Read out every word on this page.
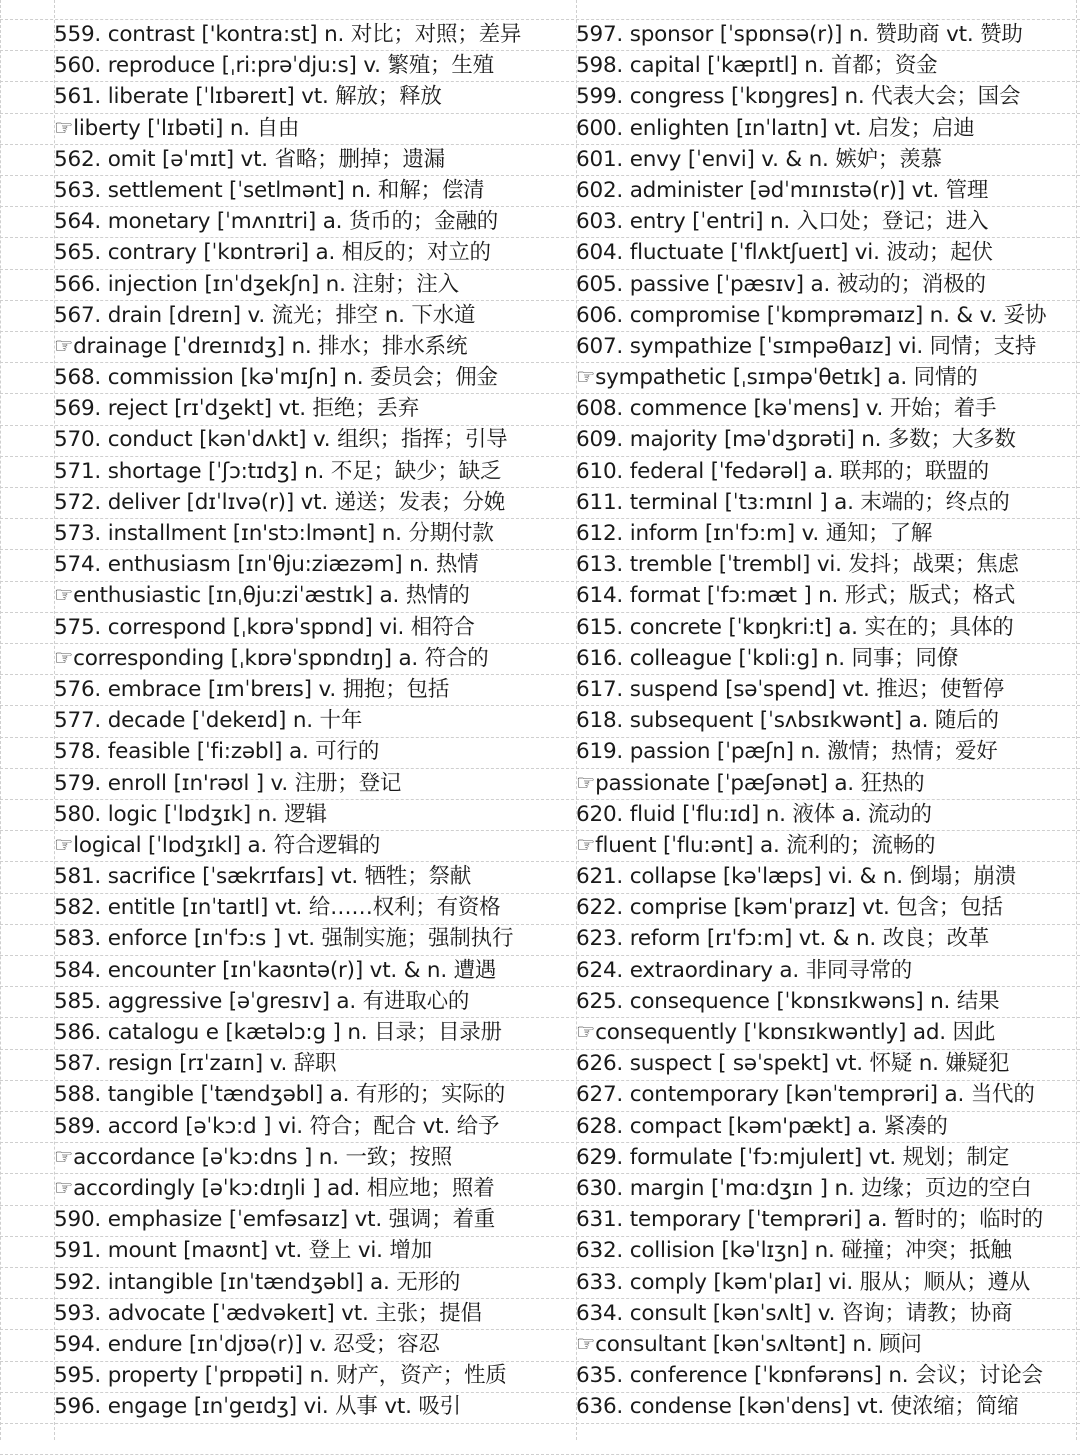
559. contrast ['kontra:st] n. 对比；对照；差异
560. reproduce [ˌri:prəˈdju:s] v. 繁殖；生殖
561. liberate [ˈlɪbəreɪt] vt. 解放；释放
☞liberty [ˈlɪbəti] n. 自由
562. omit [əˈmɪt] vt. 省略；删掉；遗漏
563. settlement [ˈsetlmənt] n. 和解；偿清
564. monetary [ˈmʌnɪtri] a. 货币的；金融的
565. contrary [ˈkɒntrəri] a. 相反的；对立的
566. injection [ɪnˈdʒekʃn] n. 注射；注入
567. drain [dreɪn] v. 流光；排空 n. 下水道
☞drainage [ˈdreɪnɪdʒ] n. 排水；排水系统
568. commission [kəˈmɪʃn] n. 委员会；佣金
569. reject [rɪˈdʒekt] vt. 拒绝；丢弃
570. conduct [kənˈdʌkt] v. 组织；指挥；引导
571. shortage [ˈʃɔ:tɪdʒ] n. 不足；缺少；缺乏
572. deliver [dɪˈlɪvə(r)] vt. 递送；发表；分娩
573. installment [ɪn'stɔ:lmənt] n. 分期付款
574. enthusiasm [ɪnˈθju:ziæzəm] n. 热情
☞enthusiastic [ɪnˌθju:ziˈæstɪk] a. 热情的
575. correspond [ˌkɒrəˈspɒnd] vi. 相符合
☞corresponding [ˌkɒrəˈspɒndɪŋ] a. 符合的
576. embrace [ɪmˈbreɪs] v. 拥抱；包括
577. decade [ˈdekeɪd] n. 十年
578. feasible [ˈfi:zəbl] a. 可行的
579. enroll [ɪn'rəʊl ] v. 注册；登记
580. logic [ˈlɒdʒɪk] n. 逻辑
☞logical [ˈlɒdʒɪkl] a. 符合逻辑的
581. sacrifice [ˈsækrɪfaɪs] vt. 牺牲；祭献
582. entitle [ɪnˈtaɪtl] vt. 给……权利；有资格
583. enforce [ɪnˈfɔ:s ] vt. 强制实施；强制执行
584. encounter [ɪnˈkaʊntə(r)] vt. & n. 遭遇
585. aggressive [əˈgresɪv] a. 有进取心的
586. catalogu e [kætəlɔ:g ] n. 目录；目录册
587. resign [rɪˈzaɪn] v. 辞职
588. tangible [ˈtændʒəbl] a. 有形的；实际的
589. accord [əˈkɔ:d ] vi. 符合；配合 vt. 给予
☞accordance [əˈkɔ:dns ] n. 一致；按照
☞accordingly [əˈkɔ:dɪŋli ] ad. 相应地；照着
590. emphasize [ˈemfəsaɪz] vt. 强调；着重
591. mount [maʊnt] vt. 登上 vi. 增加
592. intangible [ɪnˈtændʒəbl] a. 无形的
593. advocate [ˈædvəkeɪt] vt. 主张；提倡
594. endure [ɪnˈdjʊə(r)] v. 忍受；容忍
595. property [ˈprɒpəti] n. 财产，资产；性质
596. engage [ɪnˈgeɪdʒ] vi. 从事 vt. 吸引
597. sponsor [ˈspɒnsə(r)] n. 赞助商 vt. 赞助
598. capital [ˈkæpɪtl] n. 首都；资金
599. congress [ˈkɒŋgres] n. 代表大会；国会
600. enlighten [ɪnˈlaɪtn] vt. 启发；启迪
601. envy [ˈenvi] v. & n. 嫉妒；羡慕
602. administer [ədˈmɪnɪstə(r)] vt. 管理
603. entry [ˈentri] n. 入口处；登记；进入
604. fluctuate [ˈflʌktʃueɪt] vi. 波动；起伏
605. passive [ˈpæsɪv] a. 被动的；消极的
606. compromise [ˈkɒmprəmaɪz] n. & v. 妥协
607. sympathize [ˈsɪmpəθaɪz] vi. 同情；支持
☞sympathetic [ˌsɪmpəˈθetɪk] a. 同情的
608. commence [kəˈmens] v. 开始；着手
609. majority [məˈdʒɒrəti] n. 多数；大多数
610. federal [ˈfedərəl] a. 联邦的；联盟的
611. terminal [ˈtɜ:mɪnl ] a. 末端的；终点的
612. inform [ɪnˈfɔ:m] v. 通知；了解
613. tremble [ˈtrembl] vi. 发抖；战栗；焦虑
614. format [ˈfɔ:mæt ] n. 形式；版式；格式
615. concrete [ˈkɒŋkri:t] a. 实在的；具体的
616. colleague [ˈkɒli:g] n. 同事；同僚
617. suspend [səˈspend] vt. 推迟；使暂停
618. subsequent [ˈsʌbsɪkwənt] a. 随后的
619. passion [ˈpæʃn] n. 激情；热情；爱好
☞passionate [ˈpæʃənət] a. 狂热的
620. fluid [ˈflu:ɪd] n. 液体 a. 流动的
☞fluent [ˈflu:ənt] a. 流利的；流畅的
621. collapse [kəˈlæps] vi. & n. 倒塌；崩溃
622. comprise [kəmˈpraɪz] vt. 包含；包括
623. reform [rɪˈfɔ:m] vt. & n. 改良；改革
624. extraordinary a. 非同寻常的
625. consequence [ˈkɒnsɪkwəns] n. 结果
☞consequently [ˈkɒnsɪkwəntly] ad. 因此
626. suspect [ səˈspekt] vt. 怀疑 n. 嫌疑犯
627. contemporary [kənˈtemprəri] a. 当代的
628. compact [kəm'pækt] a. 紧凑的
629. formulate [ˈfɔ:mjuleɪt] vt. 规划；制定
630. margin [ˈmɑ:dʒɪn ] n. 边缘；页边的空白
631. temporary [ˈtemprəri] a. 暂时的；临时的
632. collision [kəˈlɪʒn] n. 碰撞；冲突；抵触
633. comply [kəmˈplaɪ] vi. 服从；顺从；遵从
634. consult [kənˈsʌlt] v. 咨询；请教；协商
☞consultant [kənˈsʌltənt] n. 顾问
635. conference [ˈkɒnfərəns] n. 会议；讨论会
636. condense [kənˈdens] vt. 使浓缩；简缩
